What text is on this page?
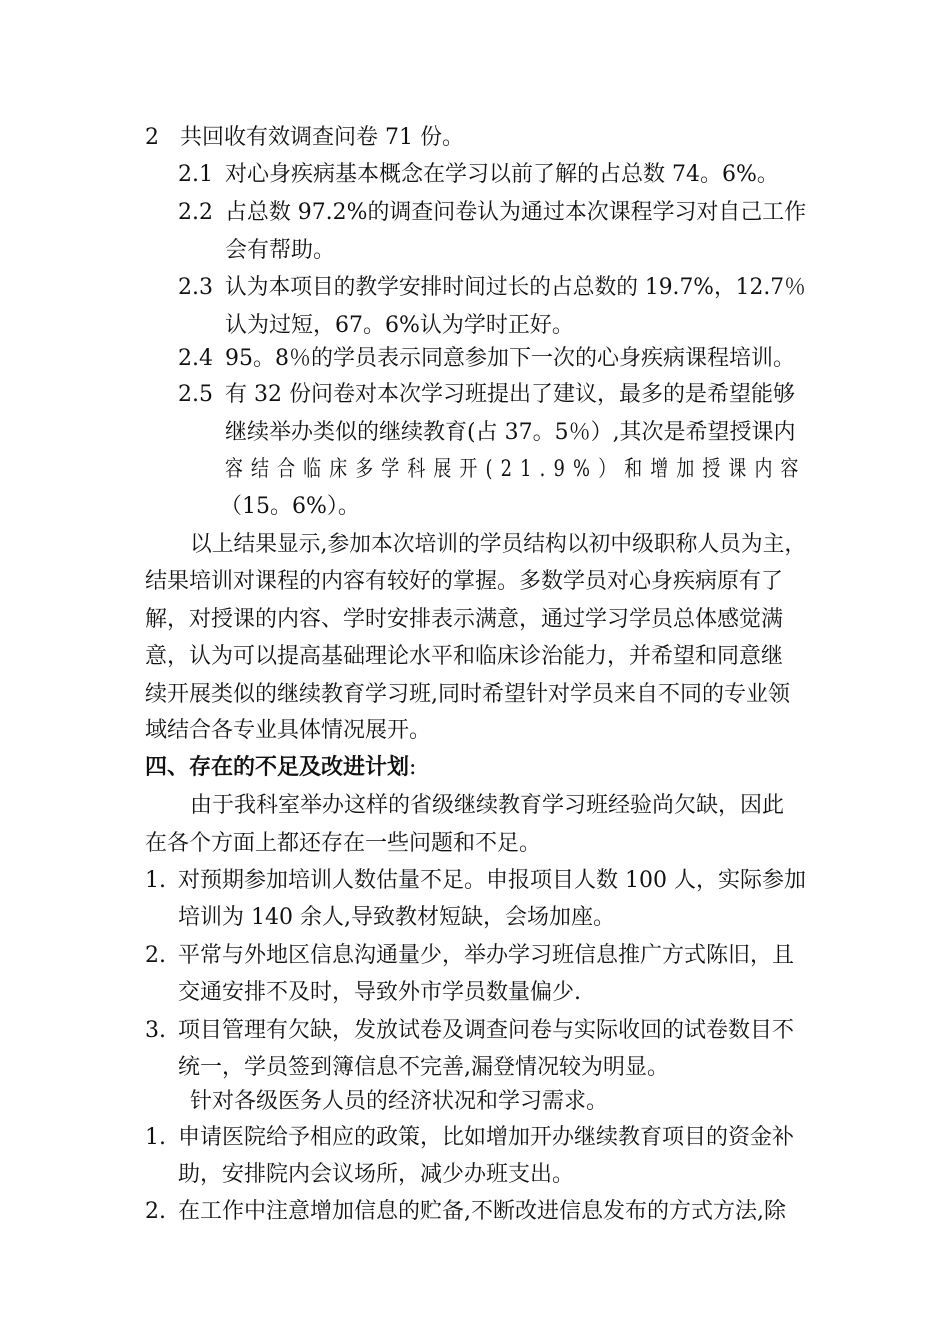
2 共回收有效调查问卷 71 份。
2.1 对心身疾病基本概念在学习以前了解的占总数 74。6%。
2.2 占总数 97.2%的调查问卷认为通过本次课程学习对自己工作
会有帮助。
2.3 认为本项目的教学安排时间过长的占总数的 19.7%，12.7％
认为过短，67。6%认为学时正好。
2.4 95。8％的学员表示同意参加下一次的心身疾病课程培训。
2.5 有 32 份问卷对本次学习班提出了建议，最多的是希望能够
继续举办类似的继续教育(占 37。5％）,其次是希望授课内
容结合临床多学科展开(21.9%）和增加授课内容
（15。6%）。
以上结果显示,参加本次培训的学员结构以初中级职称人员为主，
结果培训对课程的内容有较好的掌握。多数学员对心身疾病原有了
解，对授课的内容、学时安排表示满意，通过学习学员总体感觉满
意，认为可以提高基础理论水平和临床诊治能力，并希望和同意继
续开展类似的继续教育学习班,同时希望针对学员来自不同的专业领
域结合各专业具体情况展开。
四、存在的不足及改进计划:
由于我科室举办这样的省级继续教育学习班经验尚欠缺，因此
在各个方面上都还存在一些问题和不足。
1. 对预期参加培训人数估量不足。申报项目人数 100 人，实际参加
培训为 140 余人,导致教材短缺，会场加座。
2. 平常与外地区信息沟通量少，举办学习班信息推广方式陈旧，且
交通安排不及时，导致外市学员数量偏少.
3. 项目管理有欠缺，发放试卷及调查问卷与实际收回的试卷数目不
统一，学员签到簿信息不完善,漏登情况较为明显。
针对各级医务人员的经济状况和学习需求。
1. 申请医院给予相应的政策，比如增加开办继续教育项目的资金补
助，安排院内会议场所，减少办班支出。
2. 在工作中注意增加信息的贮备,不断改进信息发布的方式方法,除
